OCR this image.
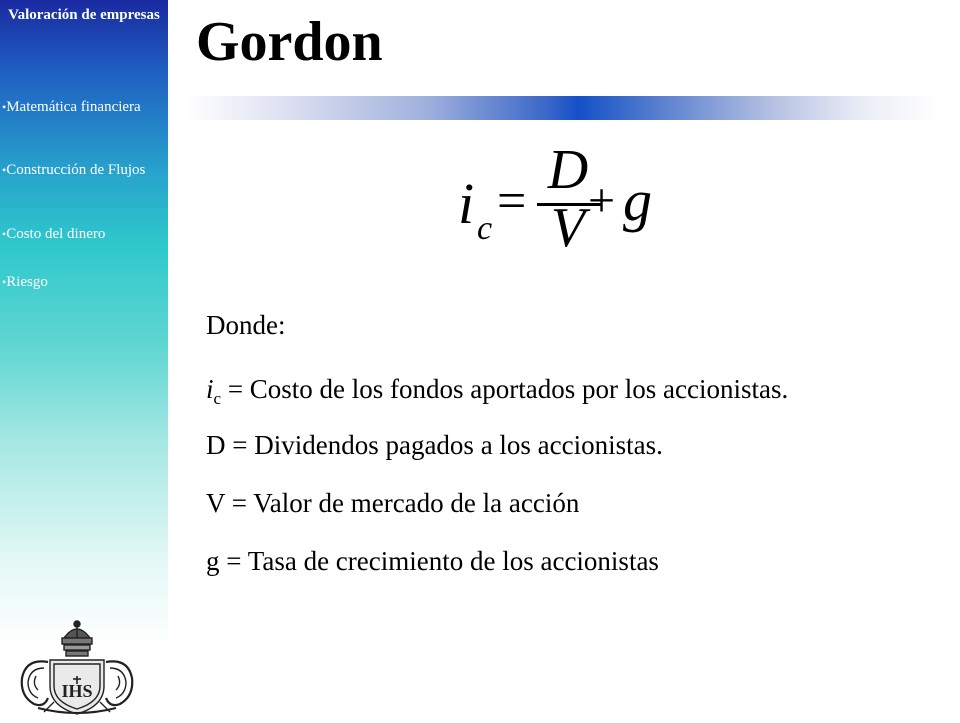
Valoración de empresas
•Matemática financiera
•Construcción de Flujos
•Costo del dinero
•Riesgo
Gordon
i c =
D
V + g
Donde:
$i_c$ = Costo de los fondos aportados por los accionistas.
D = Dividendos pagados a los accionistas.
V = Valor de mercado de la acción
g = Tasa de crecimiento de los accionistas
IHS
